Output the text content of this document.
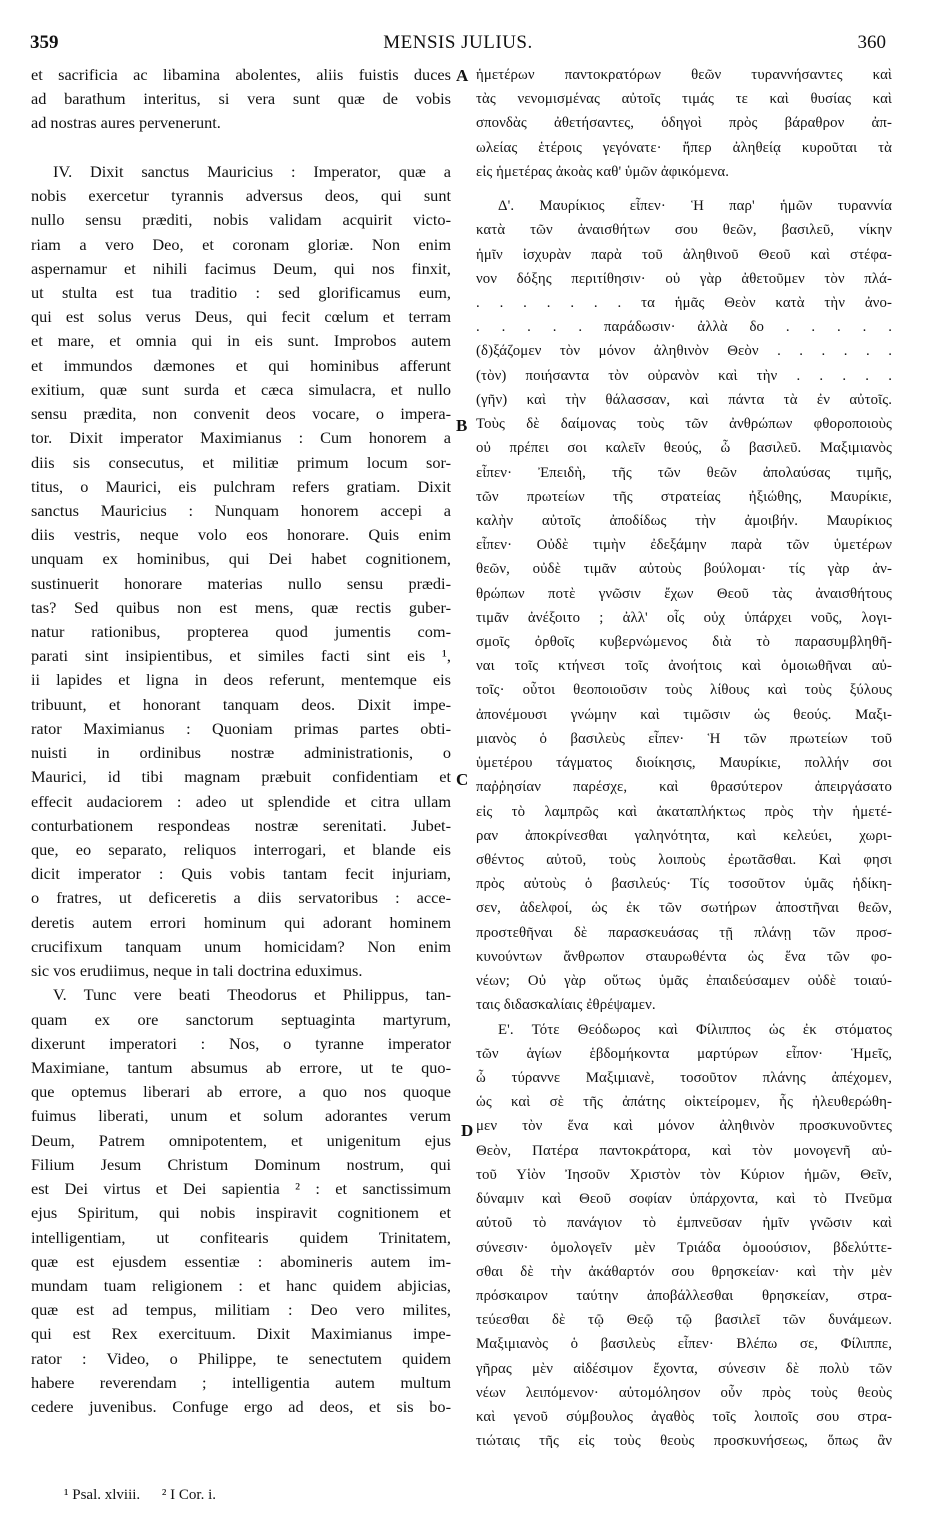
359	MENSIS JULIUS.	360
et sacrificia ac libamina abolentes, aliis fuistis duces
ad barathum interitus, si vera sunt quæ de vobis
ad nostras aures pervenerunt.
IV. Dixit sanctus Mauricius : Imperator, quæ a
nobis exercetur tyrannis adversus deos, qui sunt
nullo sensu præditi, nobis validam acquirit victo-
riam a vero Deo, et coronam gloriæ. Non enim
aspernamur et nihili facimus Deum, qui nos finxit,
ut stulta est tua traditio : sed glorificamus eum,
qui est solus verus Deus, qui fecit cœlum et terram
et mare, et omnia qui in eis sunt. Improbos autem
et immundos dæmones et qui hominibus afferunt
exitium, quæ sunt surda et cæca simulacra, et nullo
sensu prædita, non convenit deos vocare, o impera-
tor. Dixit imperator Maximianus : Cum honorem a
diis sis consecutus, et militiæ primum locum sor-
titus, o Maurici, eis pulchram refers gratiam. Dixit
sanctus Mauricius : Nunquam honorem accepi a
diis vestris, neque volo eos honorare. Quis enim
unquam ex hominibus, qui Dei habet cognitionem,
sustinuerit honorare materias nullo sensu prædi-
tas? Sed quibus non est mens, quæ rectis guber-
natur rationibus, propterea quod jumentis com-
parati sint insipientibus, et similes facti sint eis ¹,
ii lapides et ligna in deos referunt, mentemque eis
tribuunt, et honorant tanquam deos. Dixit impe-
rator Maximianus : Quoniam primas partes obti-
nuisti in ordinibus nostræ administrationis, o
Maurici, id tibi magnam præbuit confidentiam et
effecit audaciorem : adeo ut splendide et citra ullam
conturbationem respondeas nostræ serenitati. Jubet-
que, eo separato, reliquos interrogari, et blande eis
dicit imperator : Quis vobis tantam fecit injuriam,
o fratres, ut deficeretis a diis servatoribus : acce-
deretis autem errori hominum qui adorant hominem
crucifixum tanquam unum homicidam? Non enim
sic vos erudiimus, neque in tali doctrina eduximus.
V. Tunc vere beati Theodorus et Philippus, tan-
quam ex ore sanctorum septuaginta martyrum,
dixerunt imperatori : Nos, o tyranne imperator
Maximiane, tantum absumus ab errore, ut te quo-
que optemus liberari ab errore, a quo nos quoque
fuimus liberati, unum et solum adorantes verum
Deum, Patrem omnipotentem, et unigenitum ejus
Filium Jesum Christum Dominum nostrum, qui
est Dei virtus et Dei sapientia ² : et sanctissimum
ejus Spiritum, qui nobis inspiravit cognitionem et
intelligentiam, ut confitearis quidem Trinitatem,
quæ est ejusdem essentiæ : abomineris autem im-
mundam tuam religionem : et hanc quidem abjicias,
quæ est ad tempus, militiam : Deo vero milites,
qui est Rex exercituum. Dixit Maximianus impe-
rator : Video, o Philippe, te senectutem quidem
habere reverendam ; intelligentia autem multum
cedere juvenibus. Confuge ergo ad deos, et sis bo-
ἡμετέρων παντοκρατόρων θεῶν τυραννήσαντες καὶ
τὰς νενομισμένας αὐτοῖς τιμάς τε καὶ θυσίας καὶ
σπονδὰς ἀθετήσαντες, ὁδηγοὶ πρὸς βάραθρον ἀπ-
ωλείας ἑτέροις γεγόνατε· ἤπερ ἀληθείᾳ κυροῦται τὰ
εἰς ἡμετέρας ἀκοὰς καθ' ὑμῶν ἀφικόμενα.
Δ'. Μαυρίκιος εἶπεν· Ἡ παρ' ἡμῶν τυραννία
κατὰ τῶν ἀναισθήτων σου θεῶν, βασιλεῦ, νίκην
ἡμῖν ἰσχυρὰν παρὰ τοῦ ἀληθινοῦ Θεοῦ καὶ στέφα-
νον δόξης περιτίθησιν· οὐ γὰρ ἀθετοῦμεν τὸν πλά-
. . . . . . . τα ἡμᾶς Θεὸν κατὰ τὴν ἀνο-
. . . . . παράδωσιν· ἀλλὰ δο . . . . .
(δ)ξάζομεν τὸν μόνον ἀληθινὸν Θεὸν . . . . . .
(τὸν) ποιήσαντα τὸν οὐρανὸν καὶ τὴν . . . . .
(γῆν) καὶ τὴν θάλασσαν, καὶ πάντα τὰ ἐν αὐτοῖς.
Τοὺς δὲ δαίμονας τοὺς τῶν ἀνθρώπων φθοροποιοὺς
οὐ πρέπει σοι καλεῖν θεούς, ὦ βασιλεῦ. Μαξιμιανὸς
εἶπεν· Ἐπειδὴ, τῆς τῶν θεῶν ἀπολαύσας τιμῆς,
τῶν πρωτείων τῆς στρατείας ἠξιώθης, Μαυρίκιε,
καλὴν αὐτοῖς ἀποδίδως τὴν ἀμοιβήν. Μαυρίκιος
εἶπεν· Οὐδὲ τιμὴν ἐδεξάμην παρὰ τῶν ὑμετέρων
θεῶν, οὐδὲ τιμᾶν αὐτοὺς βούλομαι· τίς γὰρ ἀν-
θρώπων ποτὲ γνῶσιν ἔχων Θεοῦ τὰς ἀναισθήτους
τιμᾶν ἀνέξοιτο ; ἀλλ' οἷς οὐχ ὑπάρχει νοῦς, λογι-
σμοῖς ὀρθοῖς κυβερνώμενος διὰ τὸ παρασυμβληθῆ-
ναι τοῖς κτήνεσι τοῖς ἀνοήτοις καὶ ὁμοιωθῆναι αὐ-
τοῖς· οὗτοι θεοποιοῦσιν τοὺς λίθους καὶ τοὺς ξύλους
ἀπονέμουσι γνώμην καὶ τιμῶσιν ὡς θεούς. Μαξι-
μιανὸς ὁ βασιλεὺς εἶπεν· Ἡ τῶν πρωτείων τοῦ
ὑμετέρου τάγματος διοίκησις, Μαυρίκιε, πολλήν σοι
παῤῥησίαν παρέσχε, καὶ θρασύτερον ἀπειργάσατο
εἰς τὸ λαμπρῶς καὶ ἀκαταπλήκτως πρὸς τὴν ἡμετέ-
ραν ἀποκρίνεσθαι γαληνότητα, καὶ κελεύει, χωρι-
σθέντος αὐτοῦ, τοὺς λοιποὺς ἐρωτᾶσθαι. Καὶ φησι
πρὸς αὐτοὺς ὁ βασιλεύς· Τίς τοσοῦτον ὑμᾶς ἠδίκη-
σεν, ἀδελφοί, ὡς ἐκ τῶν σωτήρων ἀποστῆναι θεῶν,
προστεθῆναι δὲ παρασκευάσας τῇ πλάνῃ τῶν προσ-
κυνούντων ἄνθρωπον σταυρωθέντα ὡς ἕνα τῶν φο-
νέων; Οὐ γὰρ οὕτως ὑμᾶς ἐπαιδεύσαμεν οὐδὲ τοιαύ-
ταις διδασκαλίαις ἐθρέψαμεν.
Ε'. Τότε Θεόδωρος καὶ Φίλιππος ὡς ἐκ στόματος
τῶν ἁγίων ἑβδομήκοντα μαρτύρων εἶπον· Ἡμεῖς,
ὦ τύραννε Μαξιμιανὲ, τοσοῦτον πλάνης ἀπέχομεν,
ὡς καὶ σὲ τῆς ἀπάτης οἰκτείρομεν, ἧς ἠλευθερώθη-
μεν τὸν ἕνα καὶ μόνον ἀληθινὸν προσκυνοῦντες
Θεὸν, Πατέρα παντοκράτορα, καὶ τὸν μονογενῆ αὐ-
τοῦ Υἱὸν Ἰησοῦν Χριστὸν τὸν Κύριον ἡμῶν, Θεῖν,
δύναμιν καὶ Θεοῦ σοφίαν ὑπάρχοντα, καὶ τὸ Πνεῦμα
αὐτοῦ τὸ πανάγιον τὸ ἐμπνεῦσαν ἡμῖν γνῶσιν καὶ
σύνεσιν· ὁμολογεῖν μὲν Τριάδα ὁμοούσιον, βδελύττε-
σθαι δὲ τὴν ἀκάθαρτόν σου θρησκείαν· καὶ τὴν μὲν
πρόσκαιρον ταύτην ἀποβάλλεσθαι θρησκείαν, στρα-
τεύεσθαι δὲ τῷ Θεῷ τῷ βασιλεῖ τῶν δυνάμεων.
Μαξιμιανὸς ὁ βασιλεὺς εἶπεν· Βλέπω σε, Φίλιππε,
γῆρας μὲν αἰδέσιμον ἔχοντα, σύνεσιν δὲ πολὺ τῶν
νέων λειπόμενον· αὐτομόλησον οὖν πρὸς τοὺς θεοὺς
καὶ γενοῦ σύμβουλος ἀγαθὸς τοῖς λοιποῖς σου στρα-
τιώταις τῆς εἰς τοὺς θεοὺς προσκυνήσεως, ὅπως ἂν
A
B
C
D
¹ Psal. xlviii. ² I Cor. i.
